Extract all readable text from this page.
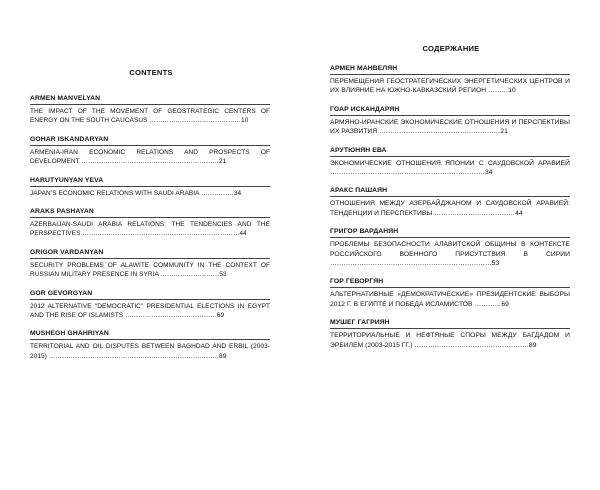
CONTENTS
ARMEN MANVELYAN
THE IMPACT OF THE MOVEMENT OF GEOSTRATEGIC CENTERS OF ENERGY ON THE SOUTH CAUCASUS ……………………………………10
GOHAR ISKANDARYAN
ARMENIA-IRAN ECONOMIC RELATIONS AND PROSPECTS OF DEVELOPMENT ………………………………………………………21
HARUTYUNYAN YEVA
JAPAN’S ECONOMIC RELATIONS WITH SAUDI ARABIA ……………34
ARAKS PASHAYAN
AZERBAIJAN-SAUDI ARABIA RELATIONS: THE TENDENCIES AND THE PERSPECTIVES ………………………………………………………………44
GRIGOR VARDANYAN
SECURITY PROBLEMS OF ALAWITE COMMUNITY IN THE CONTEXT OF RUSSIAN MILITARY PRESENCE IN SYRIA ………………………53
GOR GEVORGYAN
2012 ALTERNATIVE “DEMOCRATIC” PRESIDENTIAL ELECTIONS IN EGYPT AND THE RISE OF ISLAMISTS ……………………………………69
MUSHEGH GHAHRIYAN
TERRITORIAL AND OIL DISPUTES BETWEEN BAGHDAD AND ERBIL (2003-2015) ……………………………………………………………………89
СОДЕРЖАНИЕ
АРМЕН МАНВЕЛЯН
ПЕРЕМЕЩЕНИЯ ГЕОСТРАТЕГИЧЕСКИХ ЭНЕРГЕТИЧЕСКИХ ЦЕНТРОВ И ИХ ВЛИЯНИЕ НА ЮЖНО-КАВКАЗСКИЙ РЕГИОН ………10
ГОАР ИСКАНДАРЯН
АРМЯНО-ИРАНСКИЕ ЭКОНОМИЧЕСКИЕ ОТНОШЕНИЯ И ПЕРСПЕКТИВЫ ИХ РАЗВИТИЯ ………………………………………………21
АРУТЮНЯН ЕВА
ЭКОНОМИЧЕСКИЕ ОТНОШЕНИЯ ЯПОНИИ С САУДОВСКОЙ АРАВИЕЙ ……………………………………………………………34
АРАКС ПАШАЯН
ОТНОШЕНИЯ МЕЖДУ АЗЕРБАЙДЖАНОМ И САУДОВСКОЙ АРАВИЕЙ: ТЕНДЕНЦИИ И ПЕРСПЕКТИВЫ ………………………………44
ГРИГОР ВАРДАНЯН
ПРОБЛЕМЫ БЕЗОПАСНОСТИ АЛАВИТСКОЙ ОБЩИНЫ В КОНТЕКСТЕ РОССИЙСКОГО ВОЕННОГО ПРИСУТСТВИЯ В СИРИИ ………………………………………………………………53
ГОР ГЕВОРГЯН
АЛЬТЕРНАТИВНЫЕ «ДЕМОКРАТИЧЕСКИЕ» ПРЕЗИДЕНТСКИЕ ВЫБОРЫ 2012 Г. В ЕГИПТЕ И ПОБЕДА ИСЛАМИСТОВ …………69
МУШЕГ ГАГРИЯН
ТЕРРИТОРИАЛЬНЫЕ И НЕФТЯНЫЕ СПОРЫ МЕЖДУ БАГДАДОМ И ЭРБИЛЕМ (2003-2015 ГГ.) ……………………………………………89
